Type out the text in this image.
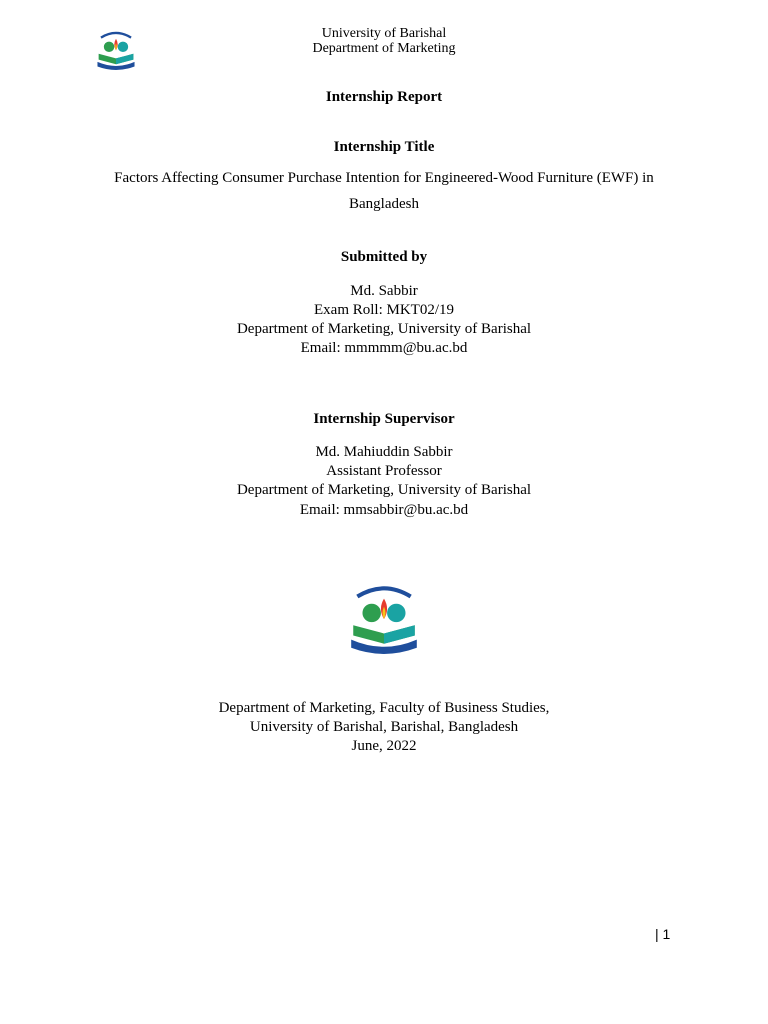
University of Barishal
Department of Marketing
Internship Report
Internship Title
Factors Affecting Consumer Purchase Intention for Engineered-Wood Furniture (EWF) in
Bangladesh
Submitted by
Md. Sabbir
Exam Roll: MKT02/19
Department of Marketing, University of Barishal
Email: mmmmm@bu.ac.bd
Internship Supervisor
Md. Mahiuddin Sabbir
Assistant Professor
Department of Marketing, University of Barishal
Email: mmsabbir@bu.ac.bd
Department of Marketing, Faculty of Business Studies,
University of Barishal, Barishal, Bangladesh
June, 2022
| 1
